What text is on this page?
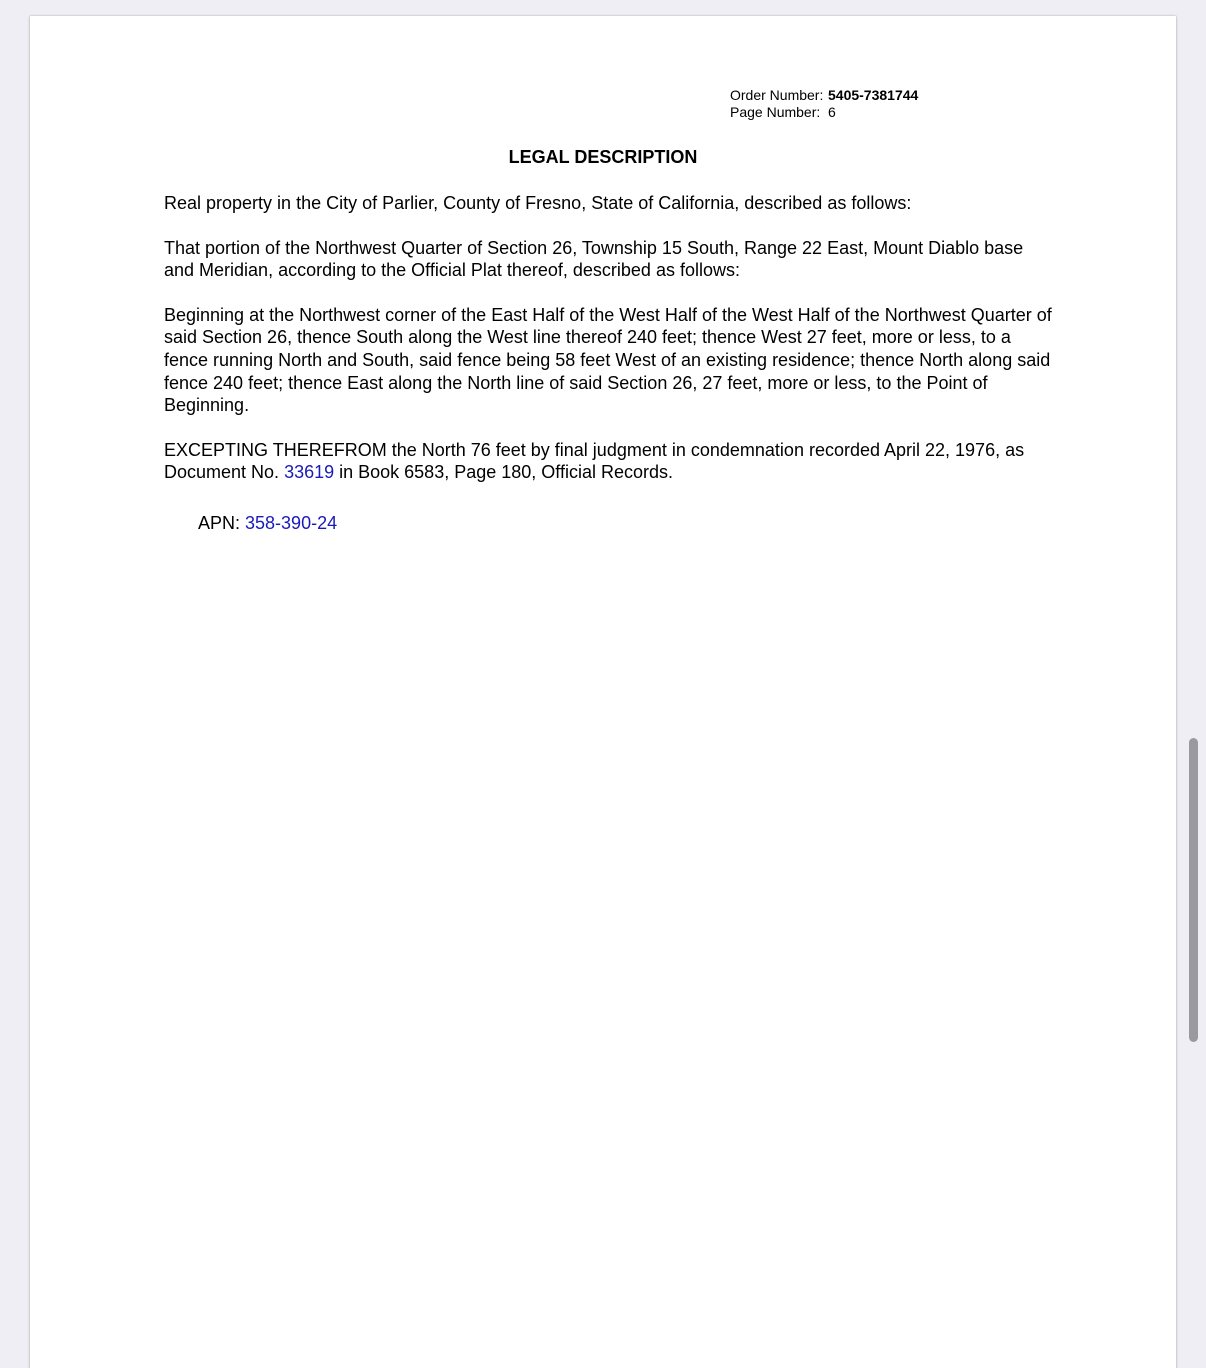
Order Number: 5405-7381744
Page Number: 6
LEGAL DESCRIPTION

Real property in the City of Parlier, County of Fresno, State of California, described as follows:

That portion of the Northwest Quarter of Section 26, Township 15 South, Range 22 East, Mount Diablo base and Meridian, according to the Official Plat thereof, described as follows:

Beginning at the Northwest corner of the East Half of the West Half of the West Half of the Northwest Quarter of said Section 26, thence South along the West line thereof 240 feet; thence West 27 feet, more or less, to a fence running North and South, said fence being 58 feet West of an existing residence; thence North along said fence 240 feet; thence East along the North line of said Section 26, 27 feet, more or less, to the Point of Beginning.

EXCEPTING THEREFROM the North 76 feet by final judgment in condemnation recorded April 22, 1976, as Document No. 33619 in Book 6583, Page 180, Official Records.

APN: 358-390-24
